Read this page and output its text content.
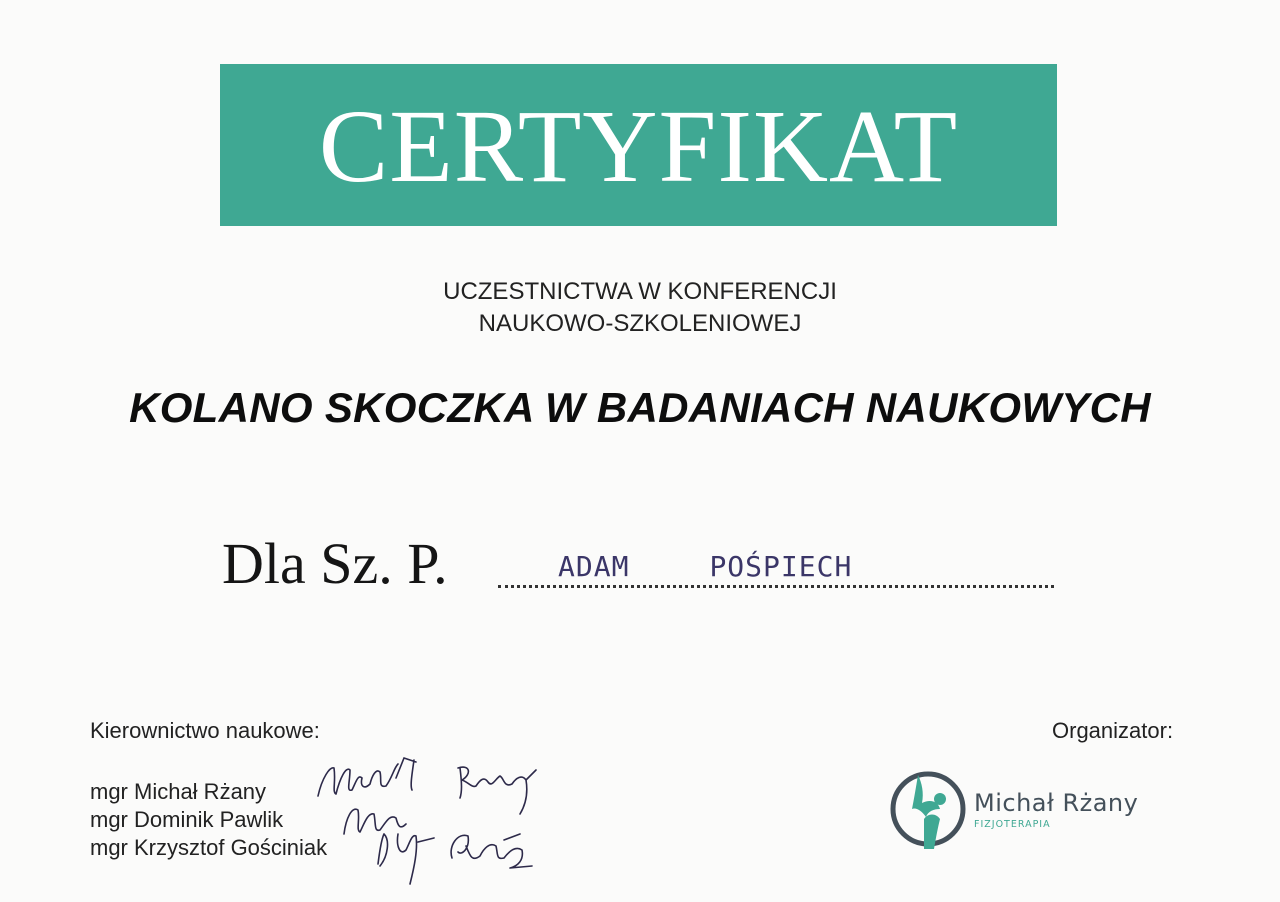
CERTYFIKAT
UCZESTNICTWA W KONFERENCJI
NAUKOWO-SZKOLENIOWEJ
KOLANO SKOCZKA W BADANIACH NAUKOWYCH
Dla Sz. P.	ADAM	POŚPIECH
Kierownictwo naukowe:
mgr Michał Rżany
mgr Dominik Pawlik
mgr Krzysztof Gościniak
Organizator:
Michał Rżany
FIZJOTERAPIA
